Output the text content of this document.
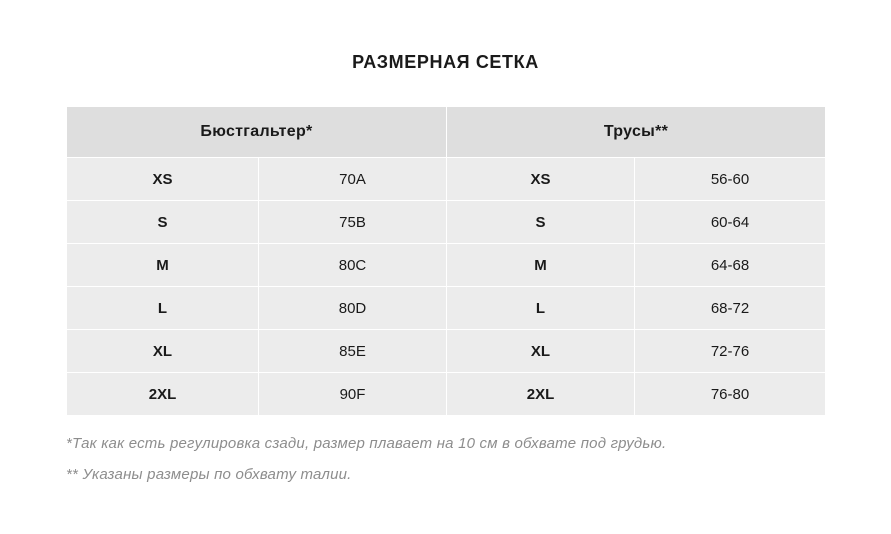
РАЗМЕРНАЯ СЕТКА
Бюстгальтер*		Трусы**	
XS	70A	XS	56-60
S	75B	S	60-64
M	80C	M	64-68
L	80D	L	68-72
XL	85E	XL	72-76
2XL	90F	2XL	76-80

*Так как есть регулировка сзади, размер плавает на 10 см в обхвате под грудью.

** Указаны размеры по обхвату талии.
